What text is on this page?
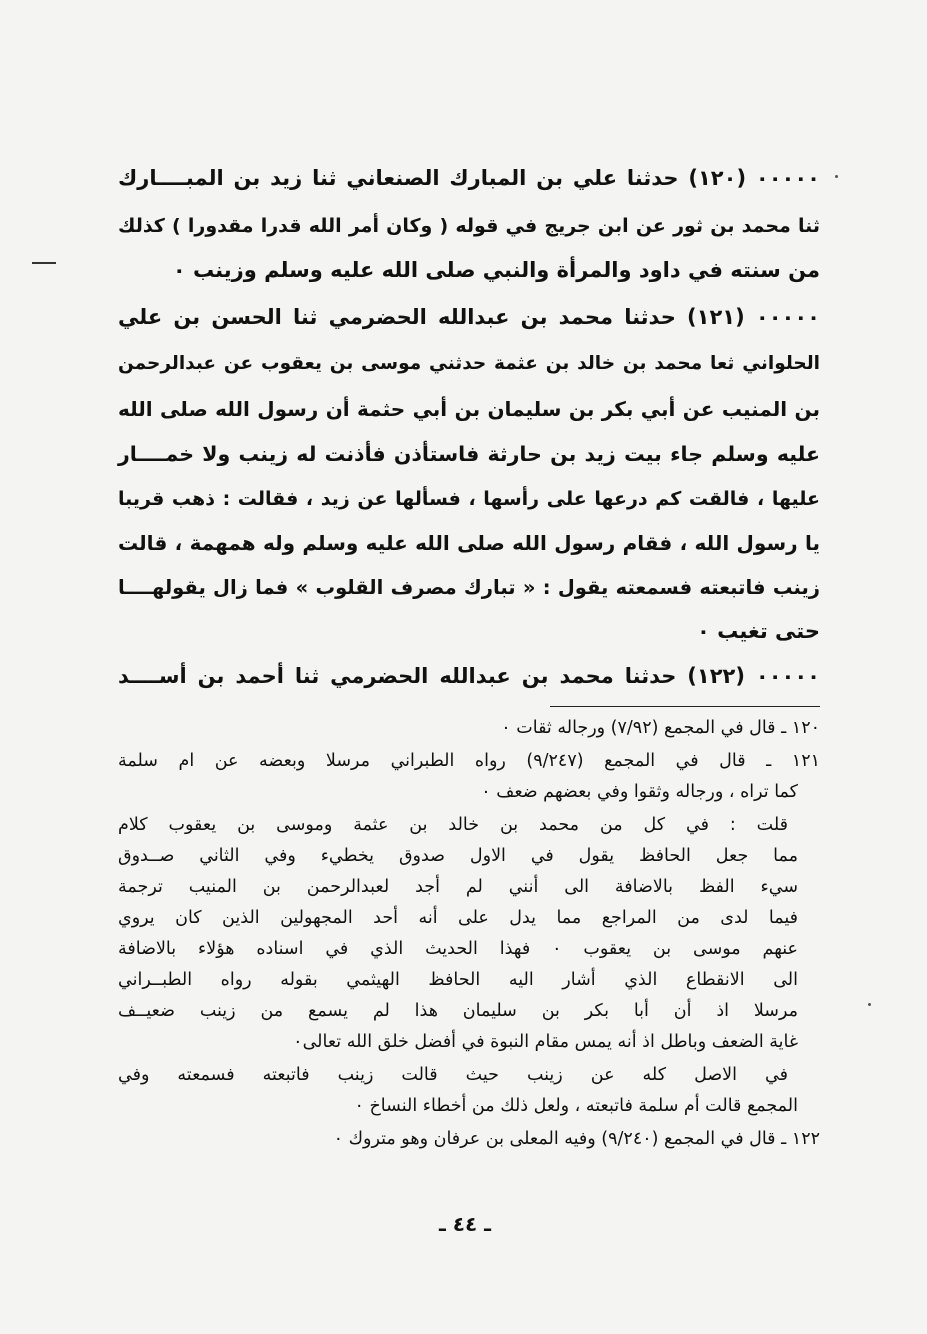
٠٠٠٠٠ (١٢٠) حدثنا علي بن المبارك الصنعاني ثنا زيد بن المبــــارك
ثنا محمد بن ثور عن ابن جريج في قوله ( وكان أمر الله قدرا مقدورا ) كذلك
من سنته في داود والمرأة والنبي صلى الله عليه وسلم وزينب ٠
٠٠٠٠٠ (١٢١) حدثنا محمد بن عبدالله الحضرمي ثنا الحسن بن علي
الحلواني ثعا محمد بن خالد بن عثمة حدثني موسى بن يعقوب عن عبدالرحمن
بن المنيب عن أبي بكر بن سليمان بن أبي حثمة أن رسول الله صلى الله
عليه وسلم جاء بيت زيد بن حارثة فاستأذن فأذنت له زينب ولا خمــــار
عليها ، فالقت كم درعها على رأسها ، فسألها عن زيد ، فقالت : ذهب قريبا
يا رسول الله ، فقام رسول الله صلى الله عليه وسلم وله همهمة ، قالت
زينب فاتبعته فسمعته يقول : « تبارك مصرف القلوب » فما زال يقولهــــا
حتى تغيب ٠
٠٠٠٠٠ (١٢٢) حدثنا محمد بن عبدالله الحضرمي ثنا أحمد بن أســــد
١٢٠ ـ قال في المجمع (٧/٩٢) ورجاله ثقات ٠
١٢١ ـ قال في المجمع (٩/٢٤٧) رواه الطبراني مرسلا وبعضه عن ام سلمة
كما تراه ، ورجاله وثقوا وفي بعضهم ضعف ٠
قلت : في كل من محمد بن خالد بن عثمة وموسى بن يعقوب كلام
مما جعل الحافظ يقول في الاول صدوق يخطيء وفي الثاني صــدوق
سيء الفظ بالاضافة الى أنني لم أجد لعبدالرحمن بن المنيب ترجمة
فيما لدى من المراجع مما يدل على أنه أحد المجهولين الذين كان يروي
عنهم موسى بن يعقوب ٠ فهذا الحديث الذي في اسناده هؤلاء بالاضافة
الى الانقطاع الذي أشار اليه الحافظ الهيثمي بقوله رواه الطبــراني
مرسلا اذ أن أبا بكر بن سليمان هذا لم يسمع من زينب ضعيــف
غاية الضعف وباطل اذ أنه يمس مقام النبوة في أفضل خلق الله تعالى٠
في الاصل كله عن زينب حيث قالت زينب فاتبعته فسمعته وفي
المجمع قالت أم سلمة فاتبعته ، ولعل ذلك من أخطاء النساخ ٠
١٢٢ ـ قال في المجمع (٩/٢٤٠) وفيه المعلى بن عرفان وهو متروك ٠
ـ ٤٤ ـ
